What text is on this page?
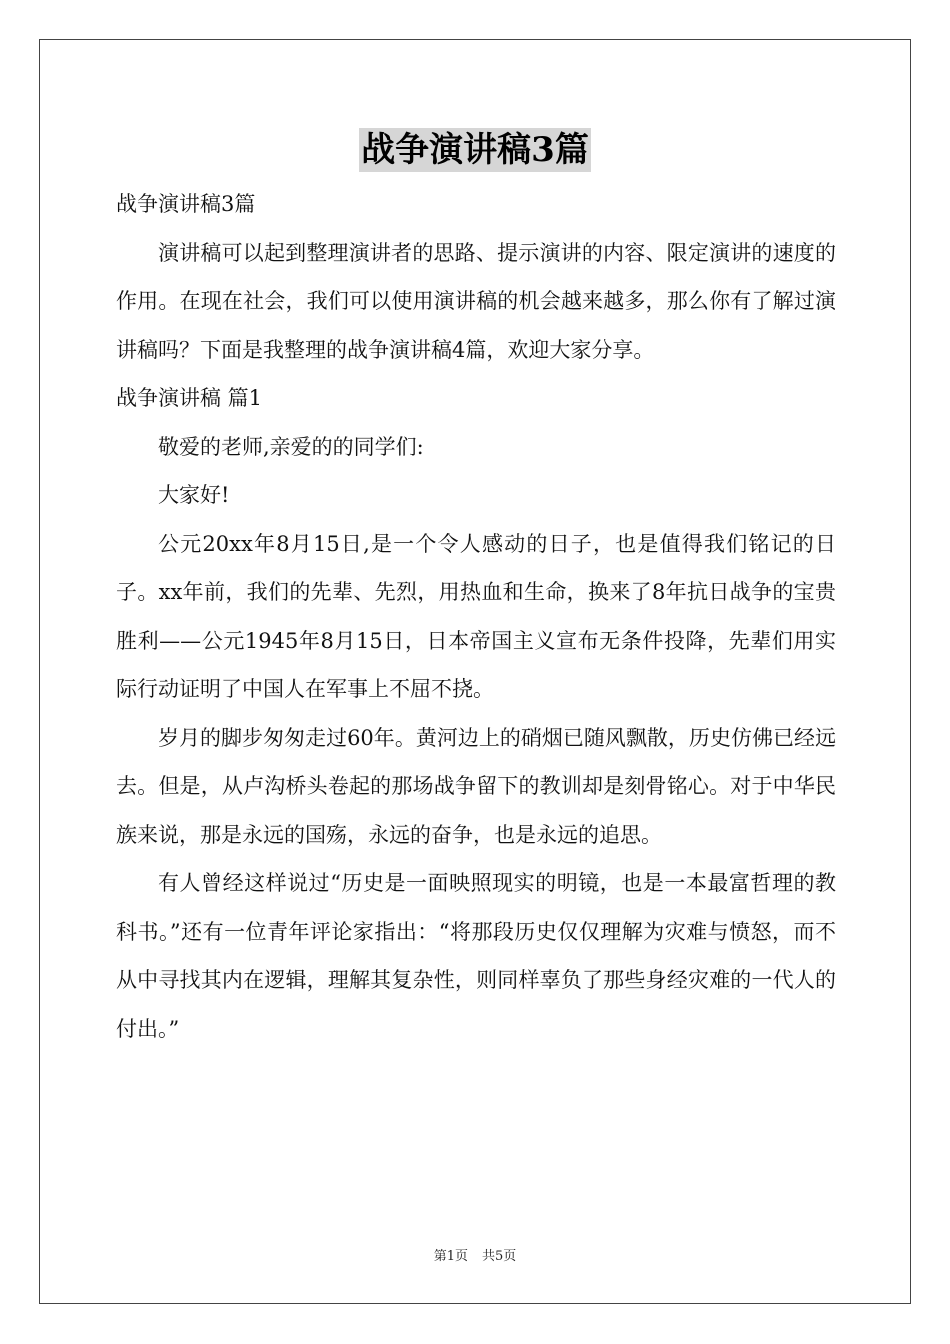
战争演讲稿3篇

战争演讲稿3篇

演讲稿可以起到整理演讲者的思路、提示演讲的内容、限定演讲的速度的作用。在现在社会，我们可以使用演讲稿的机会越来越多，那么你有了解过演讲稿吗？下面是我整理的战争演讲稿4篇，欢迎大家分享。

战争演讲稿 篇1

敬爱的老师,亲爱的的同学们:

大家好!

公元20xx年8月15日,是一个令人感动的日子，也是值得我们铭记的日子。xx年前，我们的先辈、先烈，用热血和生命，换来了8年抗日战争的宝贵胜利——公元1945年8月15日，日本帝国主义宣布无条件投降，先辈们用实际行动证明了中国人在军事上不屈不挠。

岁月的脚步匆匆走过60年。黄河边上的硝烟已随风飘散，历史仿佛已经远去。但是，从卢沟桥头卷起的那场战争留下的教训却是刻骨铭心。对于中华民族来说，那是永远的国殇，永远的奋争，也是永远的追思。

有人曾经这样说过“历史是一面映照现实的明镜，也是一本最富哲理的教科书。”还有一位青年评论家指出：“将那段历史仅仅理解为灾难与愤怒，而不从中寻找其内在逻辑，理解其复杂性，则同样辜负了那些身经灾难的一代人的付出。”

第1页 共5页
